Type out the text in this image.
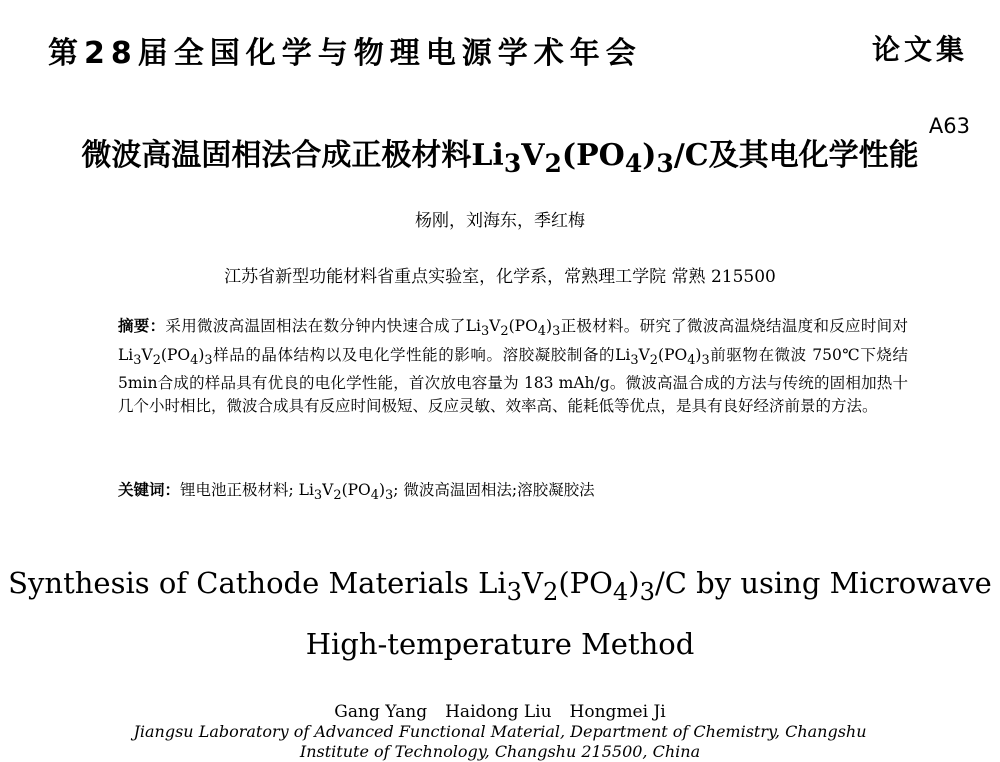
第28届全国化学与物理电源学术年会	论文集
A63
微波高温固相法合成正极材料$Li_3V_2(PO_4)_3/C$及其电化学性能
杨刚，刘海东，季红梅
江苏省新型功能材料省重点实验室，化学系，常熟理工学院 常熟 215500
摘要：采用微波高温固相法在数分钟内快速合成了$Li_3V_2(PO_4)_3$正极材料。研究了微波高温烧结温度和反应时间对$Li_3V_2(PO_4)_3$样品的晶体结构以及电化学性能的影响。溶胶凝胶制备的$Li_3V_2(PO_4)_3$前驱物在微波 750℃下烧结 5min合成的样品具有优良的电化学性能，首次放电容量为 183 mAh/g。微波高温合成的方法与传统的固相加热十几个小时相比，微波合成具有反应时间极短、反应灵敏、效率高、能耗低等优点，是具有良好经济前景的方法。
关键词：锂电池正极材料; $Li_3V_2(PO_4)_3$; 微波高温固相法;溶胶凝胶法
Synthesis of Cathode Materials $Li_3V_2(PO_4)_3/C$ by using Microwave
High-temperature Method
Gang Yang Haidong Liu Hongmei Ji
Jiangsu Laboratory of Advanced Functional Material, Department of Chemistry, Changshu Institute of Technology, Changshu 215500, China
